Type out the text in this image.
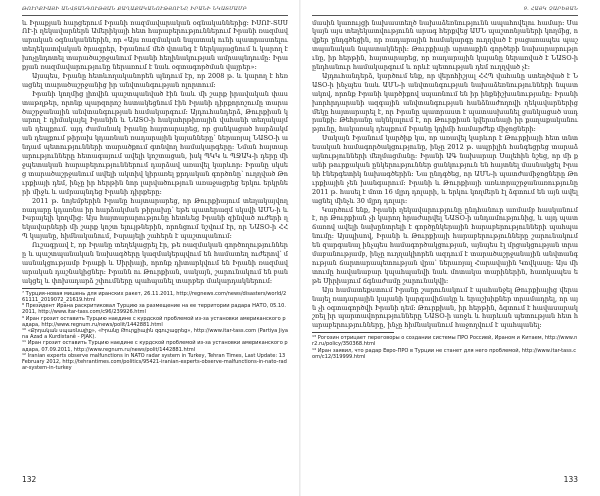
ԹՈՒՐՔԻԱՅԻ ԱՆՎՏԱՆԳՈՒԹՅԱՆ ՔԱՂԱՔԱԿԱՆՈՒԹՅՈՒՆԸ ԻՐԱՆԻ ՆԿԱՏՄԱՄԲ

և Իրաքյան հարցերում Իրանի ռազմավարական օգնականներից։ ԻՍՈՒ-ՏՍՍՈՒ-ի ղեկավարներն Ամերիկայի հետ հարաբերություններում Իրանի ռազմավարական օգնականներին, որ «Այս ռազմական նպատակ ունի պատրաստելու տեղեկատվական ծրագրեր, Իրանում մեծ վտանգ է ներկայացնում և կարող է խոչընդոտել տարածաշրջանում Իրանի հեղինակության ամրապնդումը։ Իրաքյան ռազմավարությունը ներառում է նաև օգտագործման վայրեր»։

Այսպես, Իրանը հետևողականորեն պնդում էր, որ 2008 թ. և կարող է հեռացնել տարածաշրջանից իր անվտանգության ոլորտում։

Իրանի կողմից լիովին պաշտպանված էին նաև մի շարք իրավական փաստաթղթեր, որոնք պարզորոշ հստակեցնում էին Իրանի դիրքորոշումը տարածաշրջանային անվտանգության համակարգում։ Այդուհանդերձ, Թուրքիան կարող է դիմակայել Իրանին և ՆԱՏՕ-ի հակահրթիռային վահանի տեղակայման դեպքում. այդ ժամանակ Իրանը հայտարարեց, որ ցանկացած հարձակման դեպքում թիրախ կդառնան ռադարային կայանները՝ ներառյալ ՆԱՏՕ-ի անդամ պետությունների տարածքում գտնվող համակարգերը։ Նման հայտարարությունները հետագայում ավելի կոշտացան, իսկ ՊԿԿ և ՊՋԱԿ-ի դերը միջպետական հարաբերություններում դարձավ առավել կարևոր։ Իրանը սկսեց տարածաշրջանում ավելի ակտիվ կիրառել քրդական գործոնը՝ ուղղված Թուրքիայի դեմ, ինչը իր հերթին նոր լարվածություն առաջացրեց երկու երկրների միջև և ամրապնդեց Իրանի դիրքերը։

2011 թ. նոյեմբերին Իրանը հայտարարեց, որ Թուրքիայում տեղակայվող ռադարը կդառնա իր հարձակման թիրախը՝ եթե պատերազմ սկսվի ԱՄՆ-ի և Իսրայելի կողմից։ Այս հայտարարությունը հետևեց Իրանի զինված ուժերի ղեկավարների մի շարք կոշտ ելույթներին, որոնցում նշվում էր, որ ՆԱՏՕ-ի ՀՀՊ կայանը, հիմնականում, Իսրայելի շահերն է պաշտպանում։

Ուշագրավ է, որ Իրանը տեղեկացրել էր, թե ռազմական գործողությունները և պաշտպանական նախագծերը կազմակերպվում են համատեղ ուժերով՝ մասնակցությամբ Իրաքի և Սիրիայի, որոնք դիտարկվում են Իրանի ռազմավարական դաշնակիցներ։ Իրանն ու Թուրքիան, սակայն, շարունակում են բանակցել և փոխադարձ շփումները պահպանել տարբեր մակարդակներում։

⁷ Турция-новая мишень для иранских ракет, 26.11.2011, http://regnews.com/news/disasters/world/261111_2019072_21619.html

⁸ Президент Ирана раскритиковал Турцию за размещение на ее территории радара НАТО, 05.10.2011, http://www.itar-tass.com/c96/239926.html

⁹ Иран грозит оставить Турцию наедине с курдской проблемой из-за установки американского радара, http://www.regnum.ru/news/polit/1442881.html

¹⁰ «Քրդական սպառնալիք», «Իրանը Թուրքիային զգուշացրեց», http://www.itar-tass.com (Partiya Jiyana Azad a Kurdistanê - PJAK).

¹¹ Иран грозит оставить Турцию наедине с курдской проблемой из-за установки американского радара, 07.09.2011, http://www.regnum.ru/news/polit/1442881.html

¹² Iranian experts observe malfunctions in NATO radar system in Turkey, Tehran Times, Last Update: 13 February 2012, http://tehrantimes.com/politics/95421-iranian-experts-observe-malfunctions-in-nato-radar-system-in-turkey

132
9. ՀԱՅԿ ՉԱՐԵՅԱՆ

մասին կառույցի նախաստեղծ նախաձեռնությունն ապահովելու համար։ Սակայն այս տեղեկատվությունն արագ հերքվեց ԱՄՆ պաշտոնյաների կողմից, ովքեր ընդգծեցին, որ ռադարային համակարգը ուղղված է բացառապես պաշտպանական նպատակների։ Թուրքիայի արտաքին գործերի նախարարությունը, իր հերթին, հայտարարեց, որ ռադարային կայանը ներառված է ՆԱՏՕ-ի ընդհանուր համակարգում և որևէ պետության դեմ ուղղված չէ։

Այդուհանդերձ, կարծում ենք, որ վերոհիշյալ ՀՀՊ վահանը ստեղծված է ՆԱՏՕ-ի ինչպես նաև ԱՄՆ-ի անվտանգության նախաձեռնությունների նպատակով, որոնք Իրանի կարծիքով սպառնում են իր ինքնիշխանությանը։ Իրանի խորհրդարանի ազգային անվտանգության հանձնաժողովի ղեկավարներից մեկը հայտարարել է, որ Իրանը պատրաստ է պատասխանել ցանկացած սադրանքի։ Թեհրանը ակնկալում է, որ Թուրքիան կվերանայի իր քաղաքականությունը, հակառակ դեպքում Իրանը կդիմի համարժեք միջոցների։

Սակայն Իրանում կարծիք կա, որ առավել կարևոր է Թուրքիայի հետ տնտեսական համագործակցությունը, ինչը 2012 թ. ապրիլին հանգեցրեց տարաձայնությունների մեղմացմանը։ Իրանի ԱԳ նախարար Սալեհին նշեց, որ մի քանի թուրքական ընկերություններ ցանկություն են հայտնել մասնակցել Իրանի էներգետիկ նախագծերին։ Նա ընդգծեց, որ ԱՄՆ-ի պատժամիջոցները Թուրքիային չեն խանգարում։ Իրանի և Թուրքիայի առևտրաշրջանառությունը 2011 թ. հասել է մոտ 16 մլրդ դոլարի, և երկու կողմերն էլ ձգտում են այն ավելացնել մինչև 30 մլրդ դոլար։

Կարծում ենք, Իրանի ղեկավարությունը ընդհանուր առմամբ հասկանում է, որ Թուրքիան չի կարող հրաժարվել ՆԱՏՕ-ի անդամությունից, և այդ պատճառով ավելի նախընտրելի է գործընկերային հարաբերությունների պահպանումը։ Այսպիսով, Իրանի և Թուրքիայի հարաբերությունները շարունակում են զարգանալ ինչպես համագործակցության, այնպես էլ մրցակցության տրամաբանությամբ, ինչը ուղղակիորեն ազդում է տարածաշրջանային անվտանգության ճարտարապետության վրա՝ ներառյալ Հարավային Կովկասը։ Այս միտումը հավանաբար կպահպանվի նաև մոտակա տարիներին, հատկապես եթե Սիրիայում ճգնաժամը շարունակվի։

Այս համատեքստում Իրանը շարունակում է պահանջել Թուրքիայից վերանայել ռադարային կայանի կարգավիճակը և երաշխիքներ տրամադրել, որ այն չի օգտագործվի Իրանի դեմ։ Թուրքիան, իր հերթին, ձգտում է հավասարակշռել իր պարտավորությունները ՆԱՏՕ-ի առջև և հարևան պետության հետ հարաբերությունները, ինչը հիմնականում հաջողվում է պահպանել։

¹³ Рогозин отрицает переговоры о создании системы ПРО Россией, Ираном и Китаем, http://www.nr2.ru/policy/350368.html

¹⁴ Иран заявил, что радар Евро-ПРО в Турции не станет для него проблемой, http://www.itar-tass.com/c12/319999.html

133
